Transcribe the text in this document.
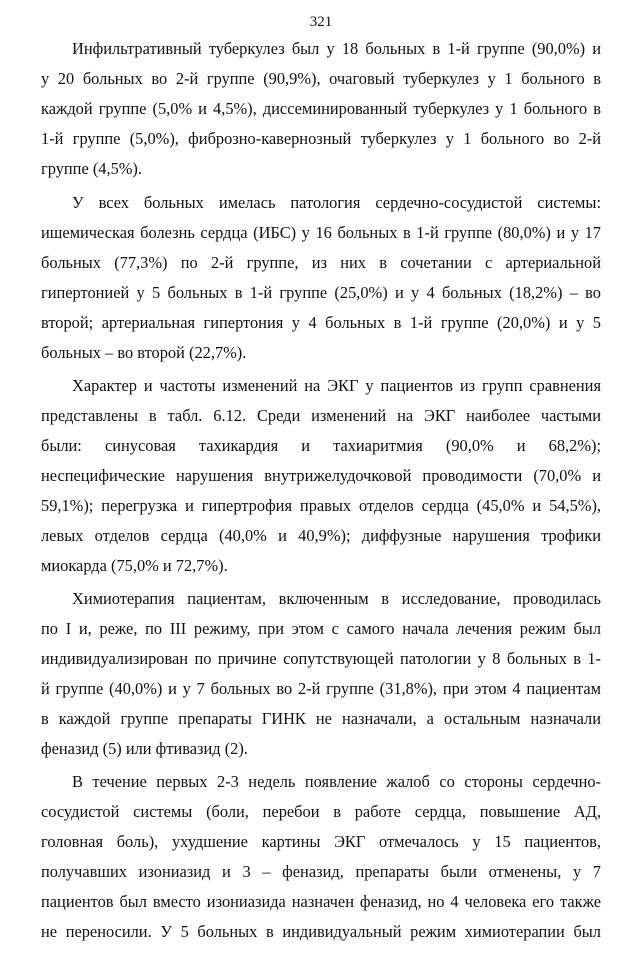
321
Инфильтративный туберкулез был у 18 больных в 1-й группе (90,0%) и
у 20 больных во 2-й группе (90,9%), очаговый туберкулез у 1 больного в
каждой группе (5,0% и 4,5%), диссеминированный туберкулез у 1 больного в
1-й группе (5,0%), фиброзно-кавернозный туберкулез у 1 больного во 2-й
группе (4,5%).
У всех больных имелась патология сердечно-сосудистой системы:
ишемическая болезнь сердца (ИБС) у 16 больных в 1-й группе (80,0%) и у 17
больных (77,3%) по 2-й группе, из них в сочетании с артериальной
гипертонией у 5 больных в 1-й группе (25,0%) и у 4 больных (18,2%) – во
второй; артериальная гипертония у 4 больных в 1-й группе (20,0%) и у 5
больных – во второй (22,7%).
Характер и частоты изменений на ЭКГ у пациентов из групп сравнения
представлены в табл. 6.12. Среди изменений на ЭКГ наиболее частыми
были: синусовая тахикардия и тахиаритмия (90,0% и 68,2%);
неспецифические нарушения внутрижелудочковой проводимости (70,0% и
59,1%); перегрузка и гипертрофия правых отделов сердца (45,0% и 54,5%),
левых отделов сердца (40,0% и 40,9%); диффузные нарушения трофики
миокарда (75,0% и 72,7%).
Химиотерапия пациентам, включенным в исследование, проводилась
по I и, реже, по III режиму, при этом с самого начала лечения режим был
индивидуализирован по причине сопутствующей патологии у 8 больных в 1-
й группе (40,0%) и у 7 больных во 2-й группе (31,8%), при этом 4 пациентам
в каждой группе препараты ГИНК не назначали, а остальным назначали
феназид (5) или фтивазид (2).
В течение первых 2-3 недель появление жалоб со стороны сердечно-
сосудистой системы (боли, перебои в работе сердца, повышение АД,
головная боль), ухудшение картины ЭКГ отмечалось у 15 пациентов,
получавших изониазид и 3 – феназид, препараты были отменены, у 7
пациентов был вместо изониазида назначен феназид, но 4 человека его также
не переносили. У 5 больных в индивидуальный режим химиотерапии был
